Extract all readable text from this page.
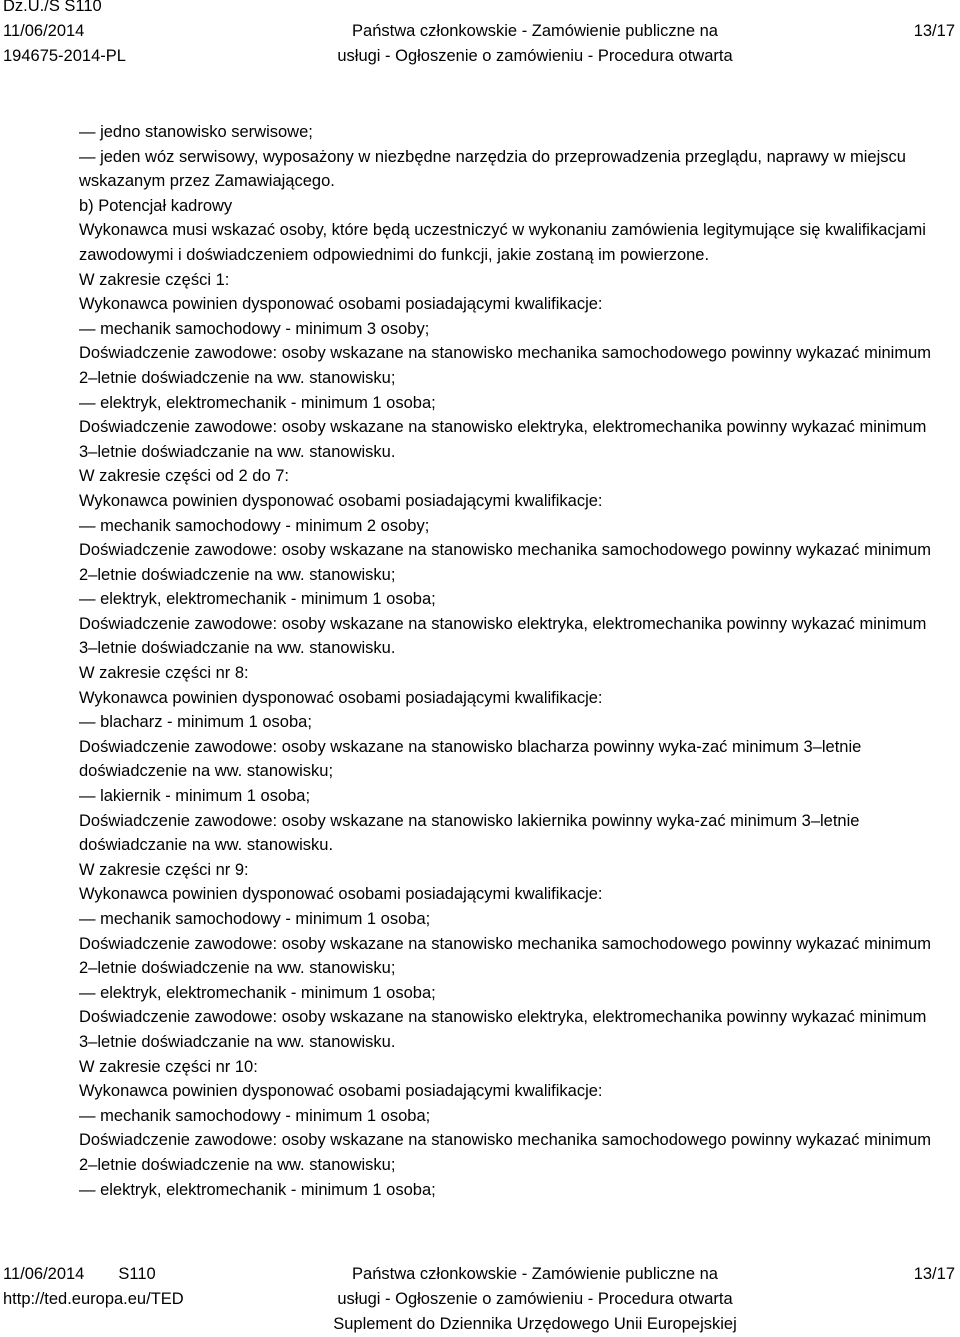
Dz.U./S S110
11/06/2014
194675-2014-PL
Państwa członkowskie - Zamówienie publiczne na
usługi - Ogłoszenie o zamówieniu - Procedura otwarta
13/17

— jedno stanowisko serwisowe;

— jeden wóz serwisowy, wyposażony w niezbędne narzędzia do przeprowadzenia przeglądu, naprawy w miejscu wskazanym przez Zamawiającego.

b) Potencjał kadrowy

Wykonawca musi wskazać osoby, które będą uczestniczyć w wykonaniu zamówienia legitymujące się kwalifikacjami zawodowymi i doświadczeniem odpowiednimi do funkcji, jakie zostaną im powierzone.

W zakresie części 1:

Wykonawca powinien dysponować osobami posiadającymi kwalifikacje:

— mechanik samochodowy - minimum 3 osoby;

Doświadczenie zawodowe: osoby wskazane na stanowisko mechanika samochodowego powinny wykazać minimum 2–letnie doświadczenie na ww. stanowisku;

— elektryk, elektromechanik - minimum 1 osoba;

Doświadczenie zawodowe: osoby wskazane na stanowisko elektryka, elektromechanika powinny wykazać minimum 3–letnie doświadczanie na ww. stanowisku.

W zakresie części od 2 do 7:

Wykonawca powinien dysponować osobami posiadającymi kwalifikacje:

— mechanik samochodowy - minimum 2 osoby;

Doświadczenie zawodowe: osoby wskazane na stanowisko mechanika samochodowego powinny wykazać minimum 2–letnie doświadczenie na ww. stanowisku;

— elektryk, elektromechanik - minimum 1 osoba;

Doświadczenie zawodowe: osoby wskazane na stanowisko elektryka, elektromechanika powinny wykazać minimum 3–letnie doświadczanie na ww. stanowisku.

W zakresie części nr 8:

Wykonawca powinien dysponować osobami posiadającymi kwalifikacje:

— blacharz - minimum 1 osoba;

Doświadczenie zawodowe: osoby wskazane na stanowisko blacharza powinny wyka-zać minimum 3–letnie doświadczenie na ww. stanowisku;

— lakiernik - minimum 1 osoba;

Doświadczenie zawodowe: osoby wskazane na stanowisko lakiernika powinny wyka-zać minimum 3–letnie doświadczanie na ww. stanowisku.

W zakresie części nr 9:

Wykonawca powinien dysponować osobami posiadającymi kwalifikacje:

— mechanik samochodowy - minimum 1 osoba;

Doświadczenie zawodowe: osoby wskazane na stanowisko mechanika samochodowego powinny wykazać minimum 2–letnie doświadczenie na ww. stanowisku;

— elektryk, elektromechanik - minimum 1 osoba;

Doświadczenie zawodowe: osoby wskazane na stanowisko elektryka, elektromechanika powinny wykazać minimum 3–letnie doświadczanie na ww. stanowisku.

W zakresie części nr 10:

Wykonawca powinien dysponować osobami posiadającymi kwalifikacje:

— mechanik samochodowy - minimum 1 osoba;

Doświadczenie zawodowe: osoby wskazane na stanowisko mechanika samochodowego powinny wykazać minimum 2–letnie doświadczenie na ww. stanowisku;

— elektryk, elektromechanik - minimum 1 osoba;

11/06/2014 S110
http://ted.europa.eu/TED
Państwa członkowskie - Zamówienie publiczne na
usługi - Ogłoszenie o zamówieniu - Procedura otwarta
Suplement do Dziennika Urzędowego Unii Europejskiej
13/17
